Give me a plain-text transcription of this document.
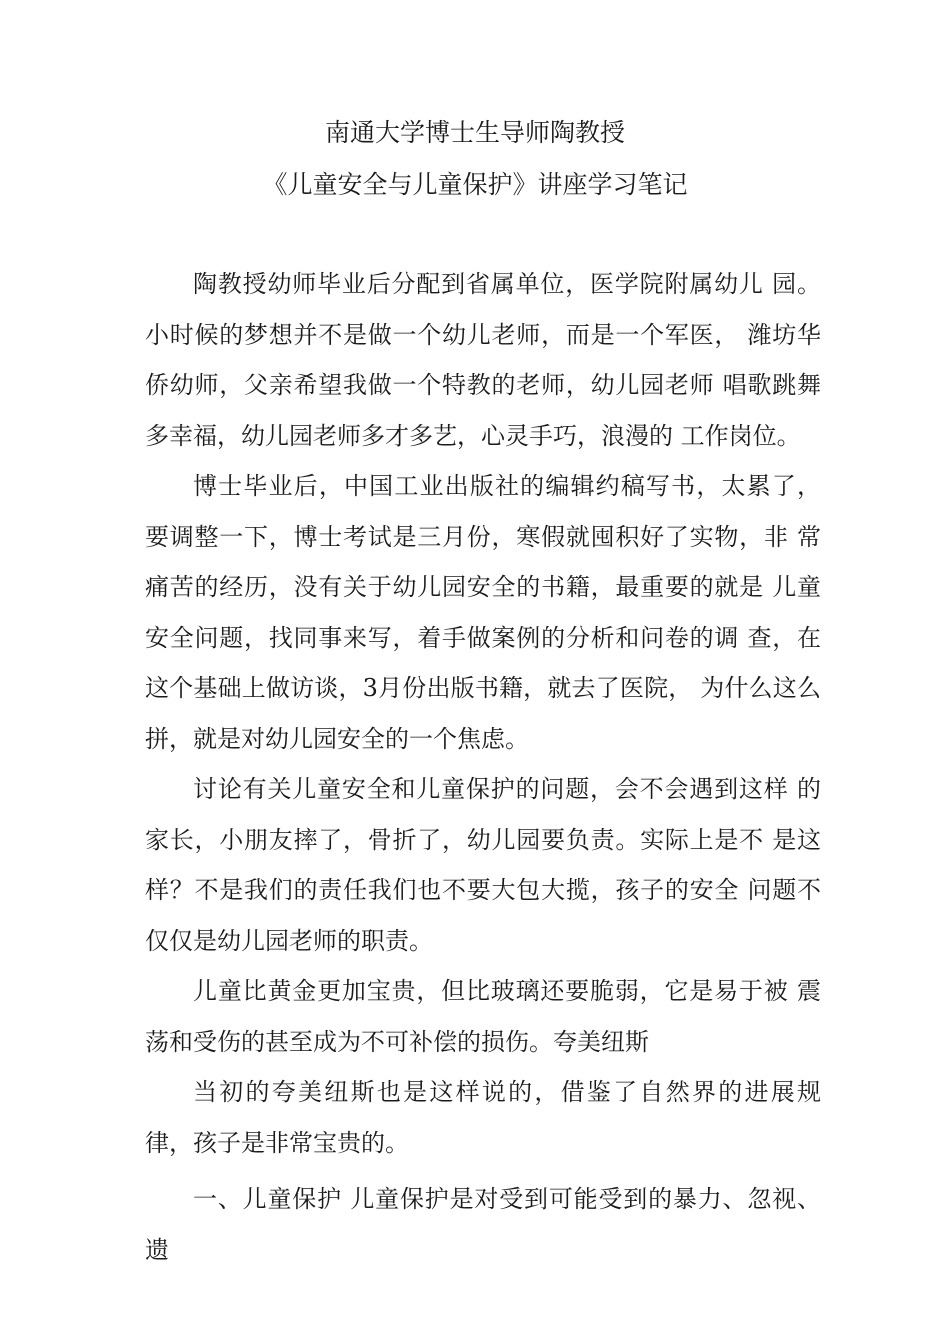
南通大学博士生导师陶教授
《儿童安全与儿童保护》讲座学习笔记

陶教授幼师毕业后分配到省属单位，医学院附属幼儿 园。小时候的梦想并不是做一个幼儿老师，而是一个军医， 潍坊华侨幼师，父亲希望我做一个特教的老师，幼儿园老师 唱歌跳舞多幸福，幼儿园老师多才多艺，心灵手巧，浪漫的 工作岗位。

博士毕业后，中国工业出版社的编辑约稿写书，太累了， 要调整一下，博士考试是三月份，寒假就囤积好了实物，非 常痛苦的经历，没有关于幼儿园安全的书籍，最重要的就是 儿童安全问题，找同事来写，着手做案例的分析和问卷的调 查，在这个基础上做访谈，3月份出版书籍，就去了医院， 为什么这么拼，就是对幼儿园安全的一个焦虑。

讨论有关儿童安全和儿童保护的问题，会不会遇到这样 的家长，小朋友摔了，骨折了，幼儿园要负责。实际上是不 是这样？不是我们的责任我们也不要大包大揽，孩子的安全 问题不仅仅是幼儿园老师的职责。

儿童比黄金更加宝贵，但比玻璃还要脆弱，它是易于被 震荡和受伤的甚至成为不可补偿的损伤。夸美纽斯

当初的夸美纽斯也是这样说的，借鉴了自然界的进展规 律，孩子是非常宝贵的。

一、儿童保护 儿童保护是对受到可能受到的暴力、忽视、遗
